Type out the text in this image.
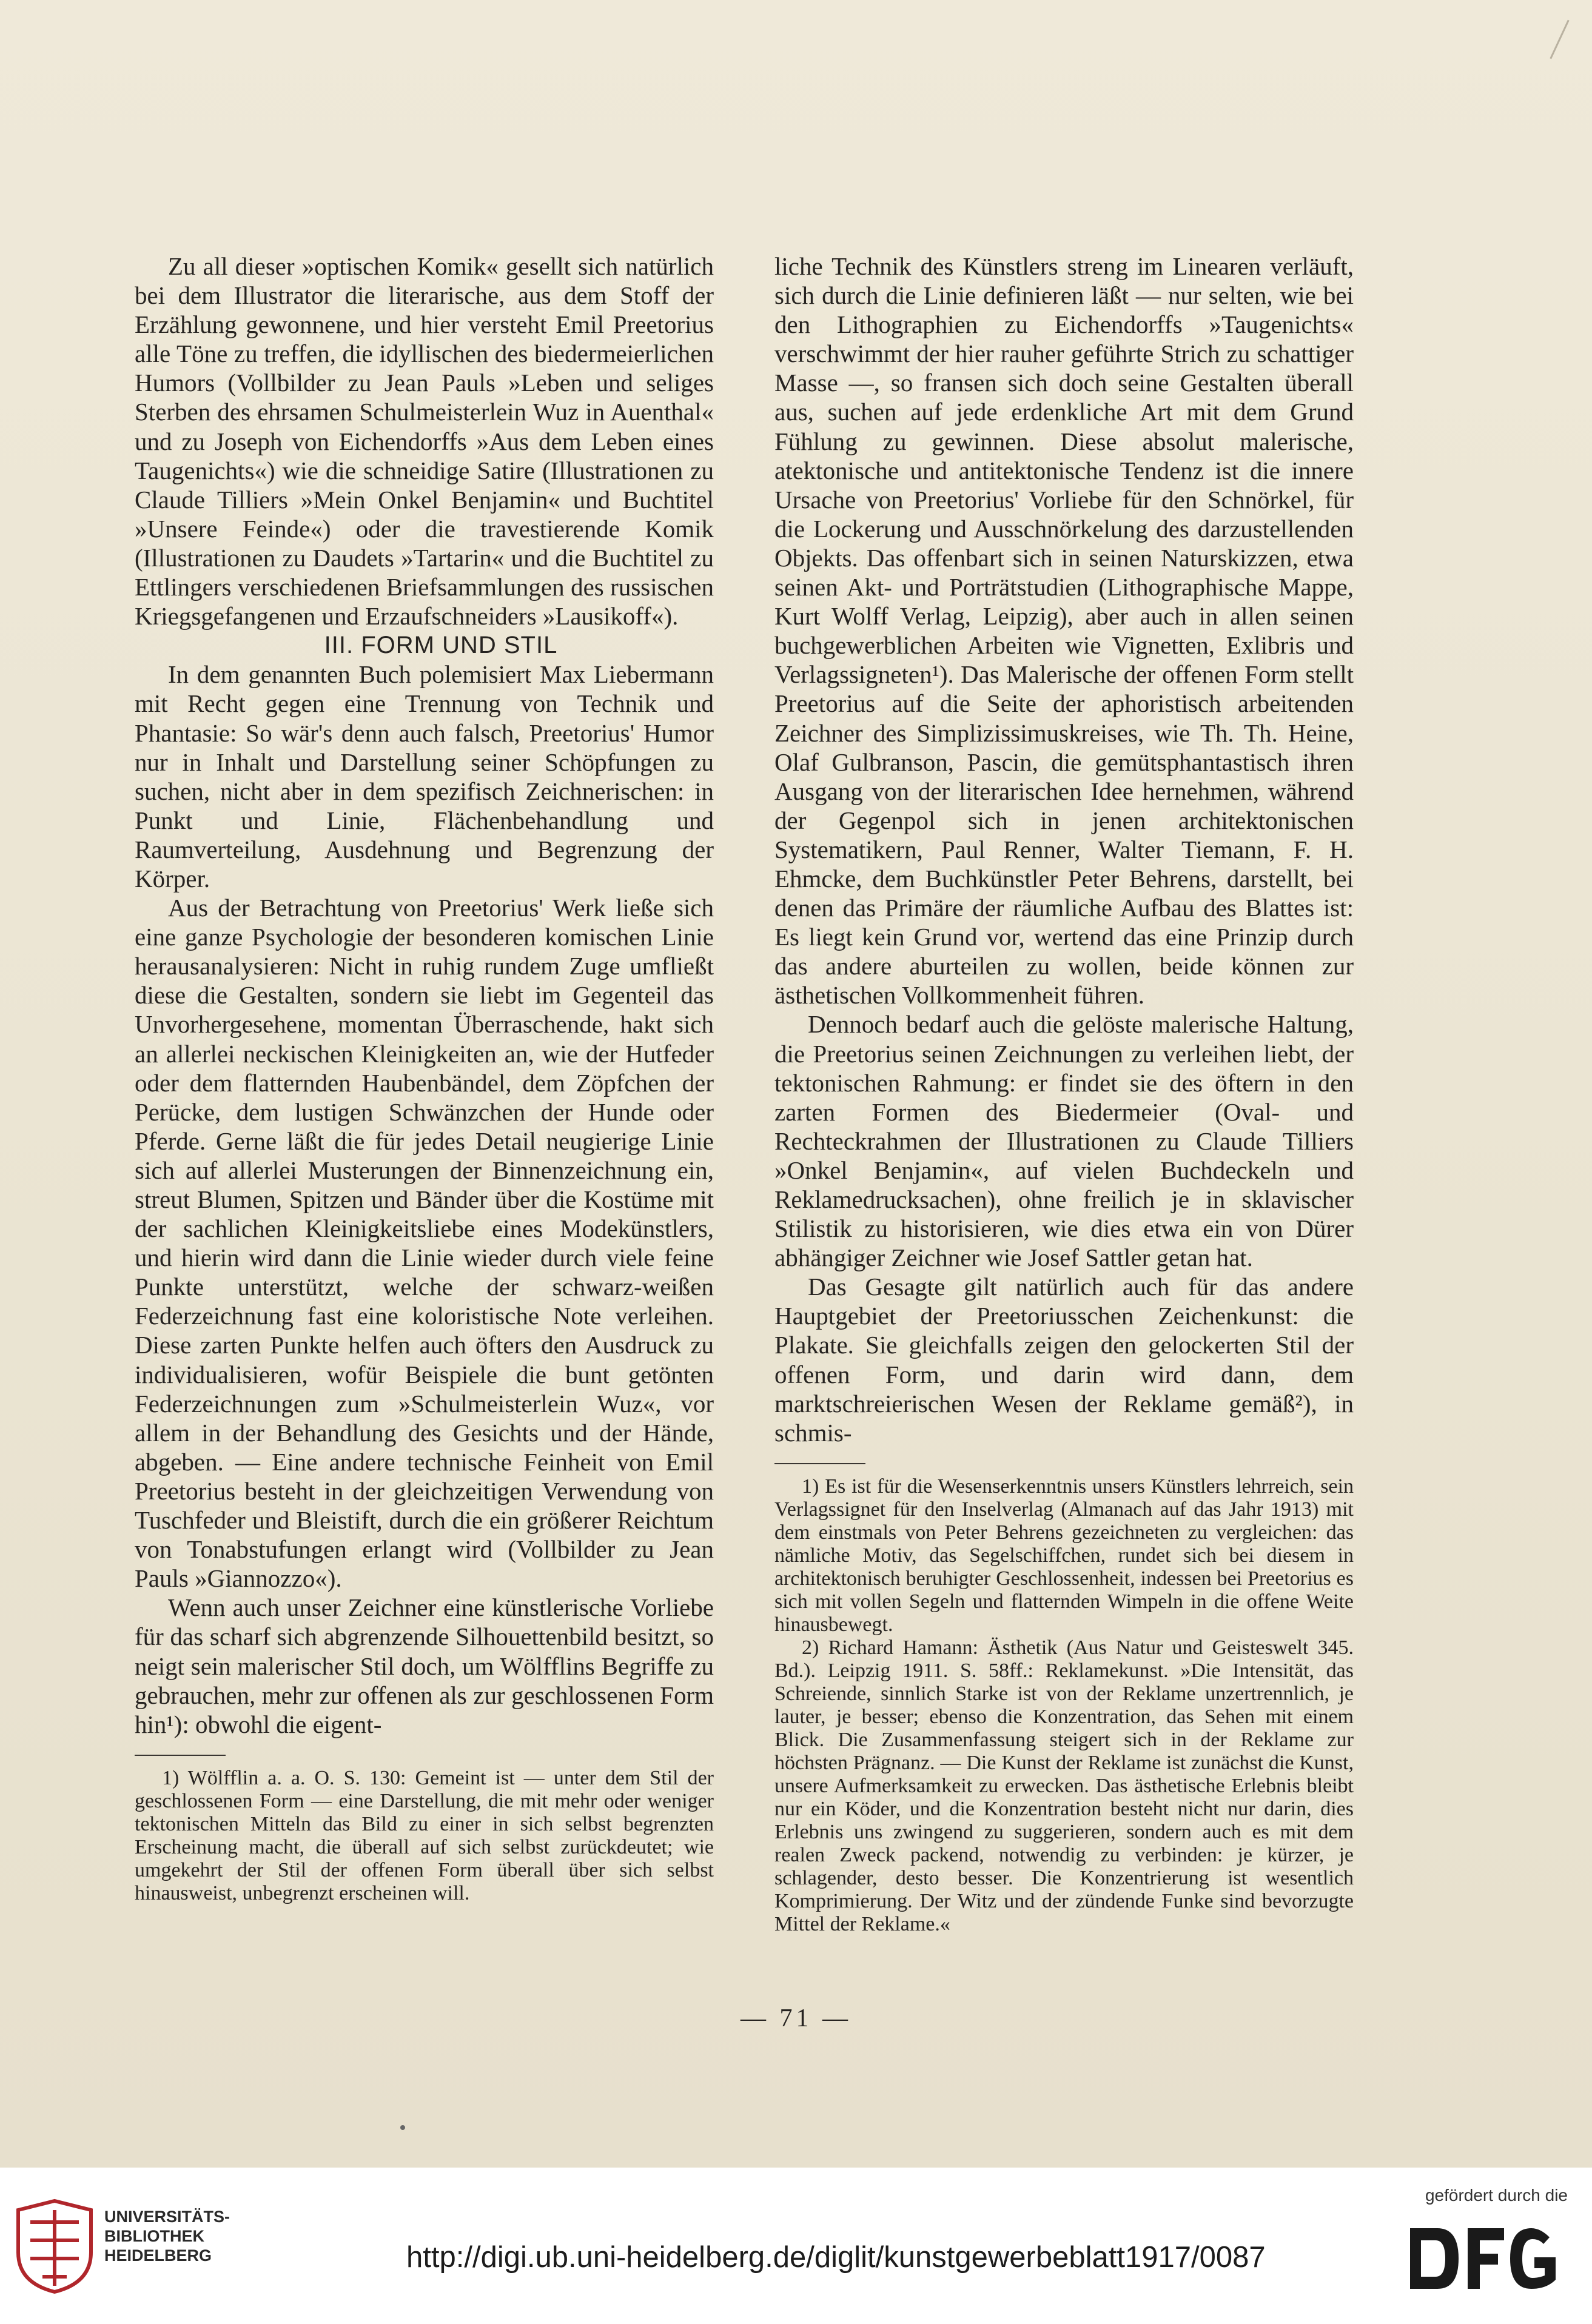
Zu all dieser »optischen Komik« gesellt sich natürlich bei dem Illustrator die literarische, aus dem Stoff der Erzählung gewonnene, und hier versteht Emil Preetorius alle Töne zu treffen, die idyllischen des biedermeierlichen Humors (Vollbilder zu Jean Pauls »Leben und seliges Sterben des ehrsamen Schulmeisterlein Wuz in Auenthal« und zu Joseph von Eichendorffs »Aus dem Leben eines Taugenichts«) wie die schneidige Satire (Illustrationen zu Claude Tilliers »Mein Onkel Benjamin« und Buchtitel »Unsere Feinde«) oder die travestierende Komik (Illustrationen zu Daudets »Tartarin« und die Buchtitel zu Ettlingers verschiedenen Briefsammlungen des russischen Kriegsgefangenen und Erzaufschneiders »Lausikoff«).

III. FORM UND STIL

In dem genannten Buch polemisiert Max Liebermann mit Recht gegen eine Trennung von Technik und Phantasie: So wär's denn auch falsch, Preetorius' Humor nur in Inhalt und Darstellung seiner Schöpfungen zu suchen, nicht aber in dem spezifisch Zeichnerischen: in Punkt und Linie, Flächenbehandlung und Raumverteilung, Ausdehnung und Begrenzung der Körper.

Aus der Betrachtung von Preetorius' Werk ließe sich eine ganze Psychologie der besonderen komischen Linie herausanalysieren: Nicht in ruhig rundem Zuge umfließt diese die Gestalten, sondern sie liebt im Gegenteil das Unvorhergesehene, momentan Überraschende, hakt sich an allerlei neckischen Kleinigkeiten an, wie der Hutfeder oder dem flatternden Haubenbändel, dem Zöpfchen der Perücke, dem lustigen Schwänzchen der Hunde oder Pferde. Gerne läßt die für jedes Detail neugierige Linie sich auf allerlei Musterungen der Binnenzeichnung ein, streut Blumen, Spitzen und Bänder über die Kostüme mit der sachlichen Kleinigkeitsliebe eines Modekünstlers, und hierin wird dann die Linie wieder durch viele feine Punkte unterstützt, welche der schwarz-weißen Federzeichnung fast eine koloristische Note verleihen. Diese zarten Punkte helfen auch öfters den Ausdruck zu individualisieren, wofür Beispiele die bunt getönten Federzeichnungen zum »Schulmeisterlein Wuz«, vor allem in der Behandlung des Gesichts und der Hände, abgeben. — Eine andere technische Feinheit von Emil Preetorius besteht in der gleichzeitigen Verwendung von Tuschfeder und Bleistift, durch die ein größerer Reichtum von Tonabstufungen erlangt wird (Vollbilder zu Jean Pauls »Giannozzo«).

Wenn auch unser Zeichner eine künstlerische Vorliebe für das scharf sich abgrenzende Silhouettenbild besitzt, so neigt sein malerischer Stil doch, um Wölfflins Begriffe zu gebrauchen, mehr zur offenen als zur geschlossenen Form hin¹): obwohl die eigent-

1) Wölfflin a. a. O. S. 130: Gemeint ist — unter dem Stil der geschlossenen Form — eine Darstellung, die mit mehr oder weniger tektonischen Mitteln das Bild zu einer in sich selbst begrenzten Erscheinung macht, die überall auf sich selbst zurückdeutet; wie umgekehrt der Stil der offenen Form überall über sich selbst hinausweist, unbegrenzt erscheinen will.

liche Technik des Künstlers streng im Linearen verläuft, sich durch die Linie definieren läßt — nur selten, wie bei den Lithographien zu Eichendorffs »Taugenichts« verschwimmt der hier rauher geführte Strich zu schattiger Masse —, so fransen sich doch seine Gestalten überall aus, suchen auf jede erdenkliche Art mit dem Grund Fühlung zu gewinnen. Diese absolut malerische, atektonische und antitektonische Tendenz ist die innere Ursache von Preetorius' Vorliebe für den Schnörkel, für die Lockerung und Ausschnörkelung des darzustellenden Objekts. Das offenbart sich in seinen Naturskizzen, etwa seinen Akt- und Porträtstudien (Lithographische Mappe, Kurt Wolff Verlag, Leipzig), aber auch in allen seinen buchgewerblichen Arbeiten wie Vignetten, Exlibris und Verlagssigneten¹). Das Malerische der offenen Form stellt Preetorius auf die Seite der aphoristisch arbeitenden Zeichner des Simplizissimuskreises, wie Th. Th. Heine, Olaf Gulbranson, Pascin, die gemütsphantastisch ihren Ausgang von der literarischen Idee hernehmen, während der Gegenpol sich in jenen architektonischen Systematikern, Paul Renner, Walter Tiemann, F. H. Ehmcke, dem Buchkünstler Peter Behrens, darstellt, bei denen das Primäre der räumliche Aufbau des Blattes ist: Es liegt kein Grund vor, wertend das eine Prinzip durch das andere aburteilen zu wollen, beide können zur ästhetischen Vollkommenheit führen.

Dennoch bedarf auch die gelöste malerische Haltung, die Preetorius seinen Zeichnungen zu verleihen liebt, der tektonischen Rahmung: er findet sie des öftern in den zarten Formen des Biedermeier (Oval- und Rechteckrahmen der Illustrationen zu Claude Tilliers »Onkel Benjamin«, auf vielen Buchdeckeln und Reklamedrucksachen), ohne freilich je in sklavischer Stilistik zu historisieren, wie dies etwa ein von Dürer abhängiger Zeichner wie Josef Sattler getan hat.

Das Gesagte gilt natürlich auch für das andere Hauptgebiet der Preetoriusschen Zeichenkunst: die Plakate. Sie gleichfalls zeigen den gelockerten Stil der offenen Form, und darin wird dann, dem marktschreierischen Wesen der Reklame gemäß²), in schmis-

1) Es ist für die Wesenserkenntnis unsers Künstlers lehrreich, sein Verlagssignet für den Inselverlag (Almanach auf das Jahr 1913) mit dem einstmals von Peter Behrens gezeichneten zu vergleichen: das nämliche Motiv, das Segelschiffchen, rundet sich bei diesem in architektonisch beruhigter Geschlossenheit, indessen bei Preetorius es sich mit vollen Segeln und flatternden Wimpeln in die offene Weite hinausbewegt.

2) Richard Hamann: Ästhetik (Aus Natur und Geisteswelt 345. Bd.). Leipzig 1911. S. 58ff.: Reklamekunst. »Die Intensität, das Schreiende, sinnlich Starke ist von der Reklame unzertrennlich, je lauter, je besser; ebenso die Konzentration, das Sehen mit einem Blick. Die Zusammenfassung steigert sich in der Reklame zur höchsten Prägnanz. — Die Kunst der Reklame ist zunächst die Kunst, unsere Aufmerksamkeit zu erwecken. Das ästhetische Erlebnis bleibt nur ein Köder, und die Konzentration besteht nicht nur darin, dies Erlebnis uns zwingend zu suggerieren, sondern auch es mit dem realen Zweck packend, notwendig zu verbinden: je kürzer, je schlagender, desto besser. Die Konzentrierung ist wesentlich Komprimierung. Der Witz und der zündende Funke sind bevorzugte Mittel der Reklame.«

— 71 —
UNIVERSITÄTS-
BIBLIOTHEK
HEIDELBERG	http://digi.ub.uni-heidelberg.de/diglit/kunstgewerbeblatt1917/0087
gefördert durch die
DFG
